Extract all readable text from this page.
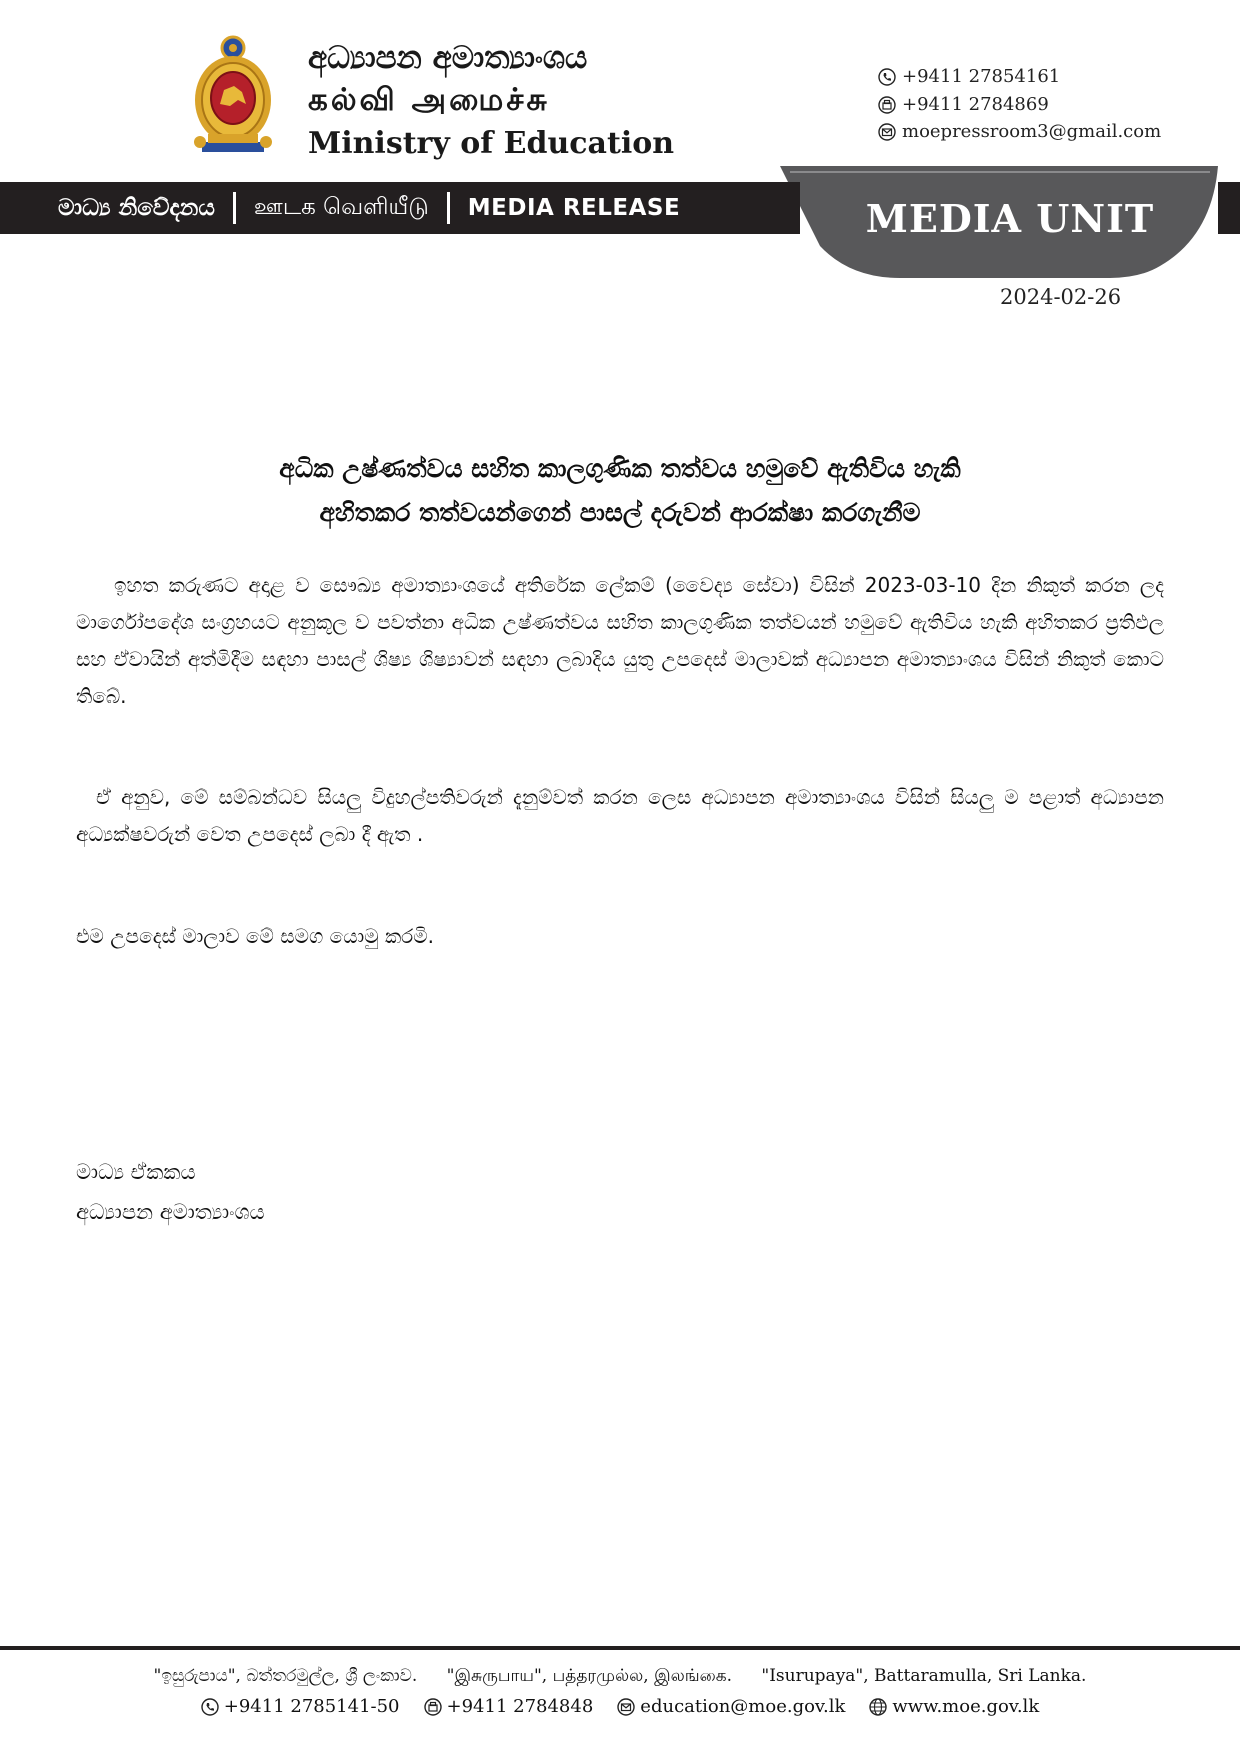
අධ්‍යාපන අමාත්‍යාංශය
கல்வி அமைச்சு
Ministry of Education
+9411 27854161
+9411 2784869
moepressroom3@gmail.com
මාධ්‍ය නිවේදනය ஊடக வெளியீடு MEDIA RELEASE	MEDIA UNIT
2024-02-26
අධික උෂ්ණත්වය සහිත කාලගුණික තත්වය හමුවේ ඇතිවිය හැකි
අහිතකර තත්වයන්ගෙන් පාසල් දරුවන් ආරක්ෂා කරගැනීම
ඉහත කරුණට අදාළ ව සෞඛ්‍ය අමාත්‍යාංශයේ අතිරේක ලේකම් (වෛද්‍ය සේවා) විසින් 2023-03-10 දින නිකුත් කරන ලද මාර්ගෝපදේශ සංග්‍රහයට අනුකූල ව පවත්නා අධික උෂ්ණත්වය සහිත කාලගුණික තත්වයන් හමුවේ ඇතිවිය හැකි අහිතකර ප්‍රතිඵල සහ ඒවායින් අත්මිදීම සඳහා පාසල් ශිෂ්‍ය ශිෂ්‍යාවන් සඳහා ලබාදිය යුතු උපදෙස් මාලාවක් අධ්‍යාපන අමාත්‍යාංශය විසින් නිකුත් කොට තිබේ.
ඒ අනුව, මේ සම්බන්ධව සියලු විදුහල්පතිවරුන් දැනුම්වත් කරන ලෙස අධ්‍යාපන අමාත්‍යාංශය විසින් සියලු ම පළාත් අධ්‍යාපන අධ්‍යක්ෂවරුන් වෙත උපදෙස් ලබා දී ඇත .
එම උපදෙස් මාලාව මේ සමග යොමු කරමි.
මාධ්‍ය ඒකකය
අධ්‍යාපන අමාත්‍යාංශය
"ඉසුරුපාය", බත්තරමුල්ල, ශ්‍රී ලංකාව. "இசுருபாய", பத்தரமுல்ல, இலங்கை. "Isurupaya", Battaramulla, Sri Lanka.
+9411 2785141-50	+9411 2784848	education@moe.gov.lk	www.moe.gov.lk
